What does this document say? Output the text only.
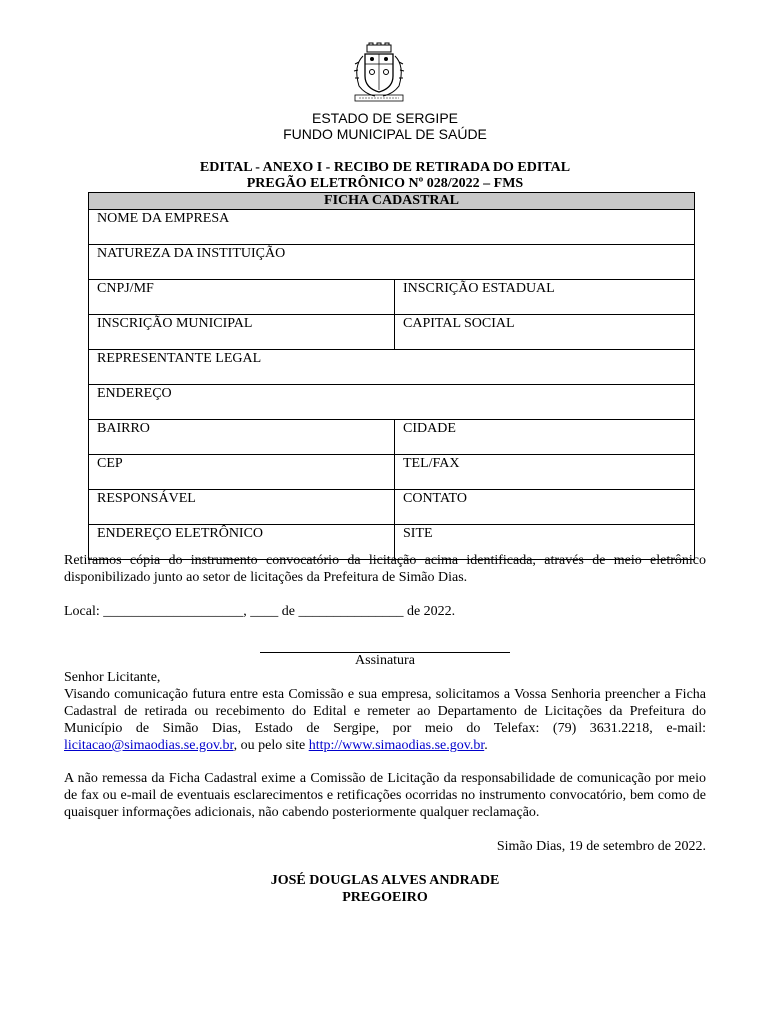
ESTADO DE SERGIPE
FUNDO MUNICIPAL DE SAÚDE
EDITAL - ANEXO I - RECIBO DE RETIRADA DO EDITAL
PREGÃO ELETRÔNICO Nº 028/2022 – FMS
FICHA CADASTRAL	
NOME DA EMPRESA	
NATUREZA DA INSTITUIÇÃO	
CNPJ/MF	INSCRIÇÃO ESTADUAL
INSCRIÇÃO MUNICIPAL	CAPITAL SOCIAL
REPRESENTANTE LEGAL	
ENDEREÇO	
BAIRRO	CIDADE
CEP	TEL/FAX
RESPONSÁVEL	CONTATO
ENDEREÇO ELETRÔNICO	SITE
Retiramos cópia do instrumento convocatório da licitação acima identificada, através de meio eletrônico disponibilizado junto ao setor de licitações da Prefeitura de Simão Dias.
Local: ____________________, ____ de _______________ de 2022.
Assinatura
Senhor Licitante,
Visando comunicação futura entre esta Comissão e sua empresa, solicitamos a Vossa Senhoria preencher a Ficha Cadastral de retirada ou recebimento do Edital e remeter ao Departamento de Licitações da Prefeitura do Município de Simão Dias, Estado de Sergipe, por meio do Telefax: (79) 3631.2218, e-mail: licitacao@simaodias.se.gov.br, ou pelo site http://www.simaodias.se.gov.br.
A não remessa da Ficha Cadastral exime a Comissão de Licitação da responsabilidade de comunicação por meio de fax ou e-mail de eventuais esclarecimentos e retificações ocorridas no instrumento convocatório, bem como de quaisquer informações adicionais, não cabendo posteriormente qualquer reclamação.
Simão Dias, 19 de setembro de 2022.
JOSÉ DOUGLAS ALVES ANDRADE
PREGOEIRO
